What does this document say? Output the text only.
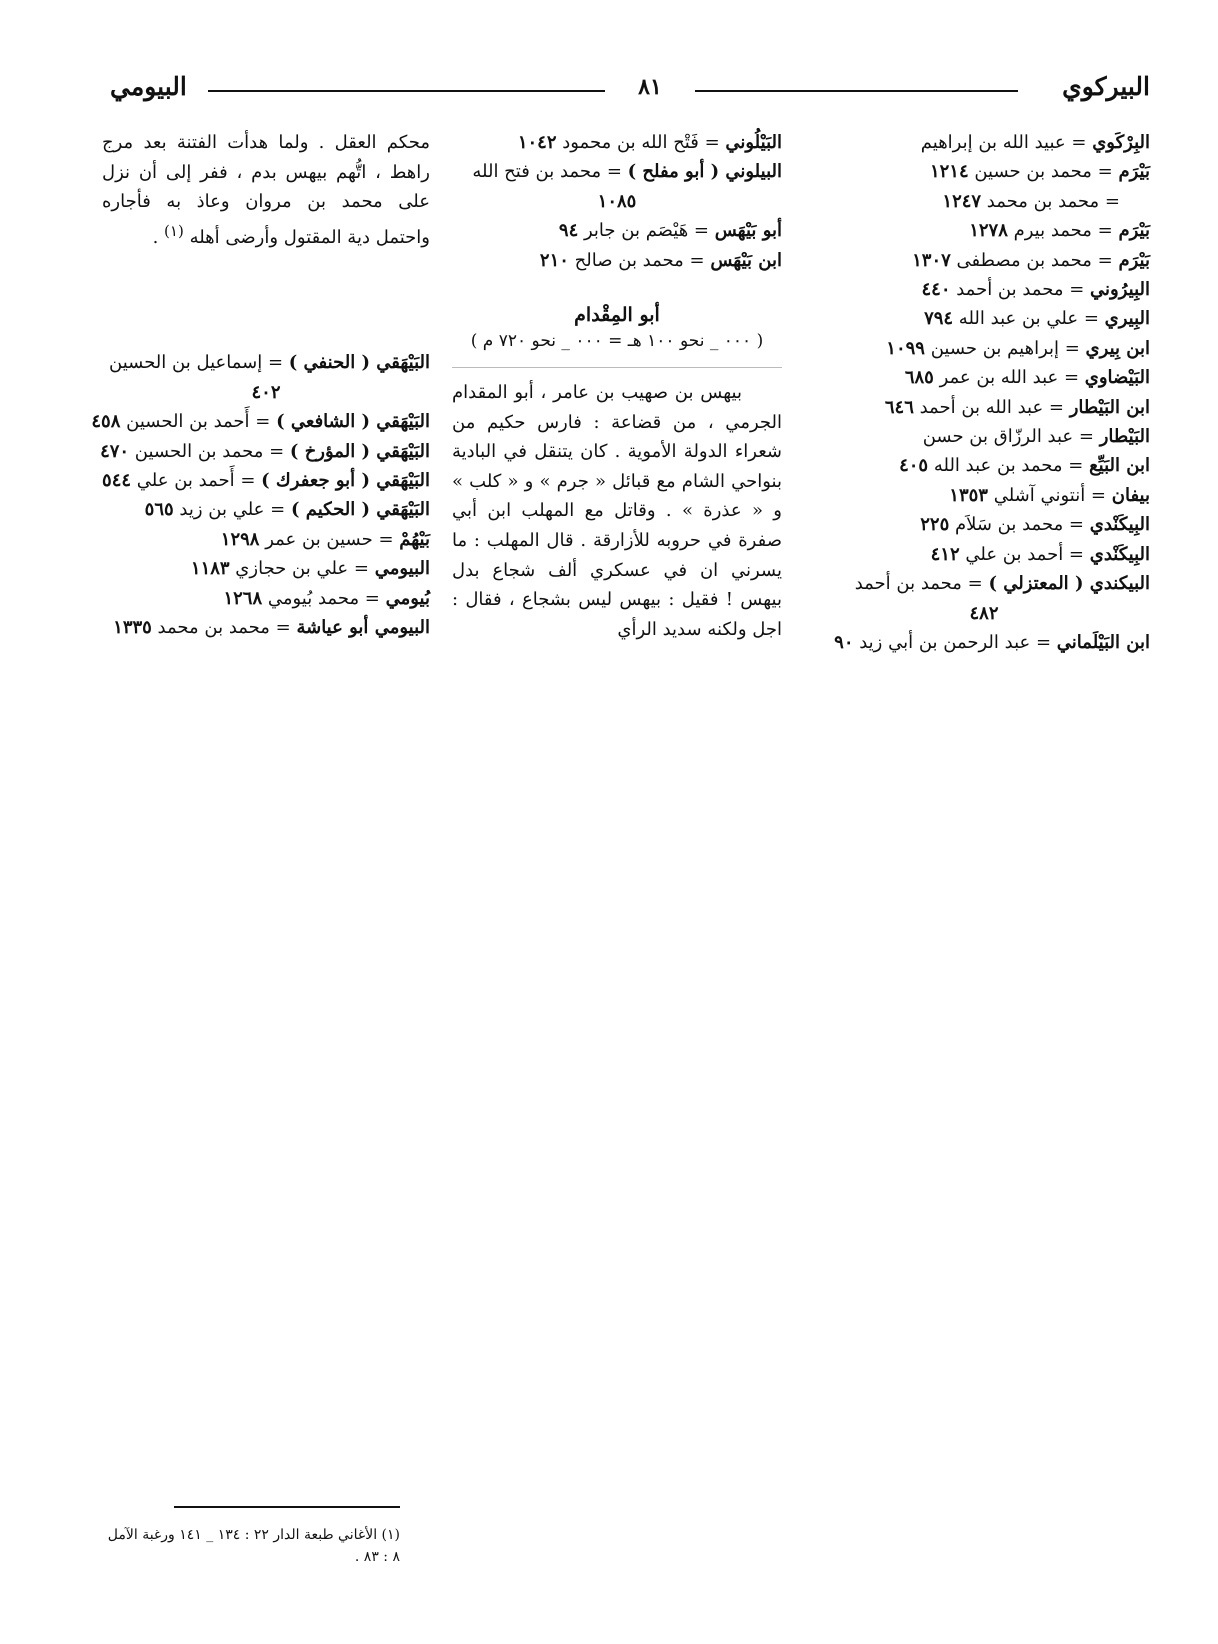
البيركوي
٨١
البيومي
البِرْكَوي = عبيد الله بن إبراهيم
بَيْرَم = محمد بن حسين ١٢١٤
= محمد بن محمد ١٢٤٧
بَيْرَم = محمد بيرم ١٢٧٨
بَيْرَم = محمد بن مصطفى ١٣٠٧
البِيرُوني = محمد بن أحمد ٤٤٠
البِيري = علي بن عبد الله ٧٩٤
ابن بِيري = إبراهيم بن حسين ١٠٩٩
البَيْضاوي = عبد الله بن عمر ٦٨٥
ابن البَيْطار = عبد الله بن أحمد ٦٤٦
البَيْطار = عبد الرزّاق بن حسن
ابن البَيِّع = محمد بن عبد الله ٤٠٥
بيفان = أنتوني آشلي ١٣٥٣
البِيكَنْدي = محمد بن سَلاَم ٢٢٥
البِيكَنْدي = أحمد بن علي ٤١٢
البيكندي ( المعتزلي ) = محمد بن أحمد
٤٨٢
ابن البَيْلَماني = عبد الرحمن بن أبي زيد ٩٠
البَيْلُوني = فَتْح الله بن محمود ١٠٤٢
البيلوني ( أبو مفلح ) = محمد بن فتح الله
١٠٨٥
أبو بَيْهَس = هَيْصَم بن جابر ٩٤
ابن بَيْهَس = محمد بن صالح ٢١٠
أبو المِقْدام
( ٠٠٠ _ نحو ١٠٠ هـ = ٠٠٠ _ نحو ٧٢٠ م )
بيهس بن صهيب بن عامر ، أبو المقدام الجرمي ، من قضاعة : فارس حكيم من شعراء الدولة الأموية . كان يتنقل في البادية بنواحي الشام مع قبائل « جرم » و « كلب » و « عذرة » . وقاتل مع المهلب ابن أبي صفرة في حروبه للأزارقة . قال المهلب : ما يسرني ان في عسكري ألف شجاع بدل بيهس ! فقيل : بيهس ليس بشجاع ، فقال : اجل ولكنه سديد الرأي
محكم العقل . ولما هدأت الفتنة بعد مرج راهط ، اتُّهم بيهس بدم ، ففر إلى أن نزل على محمد بن مروان وعاذ به فأجاره واحتمل دية المقتول وأرضى أهله $^{(١)}$ .
البَيْهَقي ( الحنفي ) = إسماعيل بن الحسين
٤٠٢
البَيْهَقي ( الشافعي ) = أَحمد بن الحسين ٤٥٨
البَيْهَقي ( المؤرخ ) = محمد بن الحسين ٤٧٠
البَيْهَقي ( أبو جعفرك ) = أَحمد بن علي ٥٤٤
البَيْهَقي ( الحكيم ) = علي بن زيد ٥٦٥
بَيْهُمْ = حسين بن عمر ١٢٩٨
البيومي = علي بن حجازي ١١٨٣
بُيومي = محمد بُيومي ١٢٦٨
البيومي أبو عياشة = محمد بن محمد ١٣٣٥
(١) الأغاني طبعة الدار ٢٢ : ١٣٤ _ ١٤١ ورغبة الآمل
٨ : ٨٣ .
